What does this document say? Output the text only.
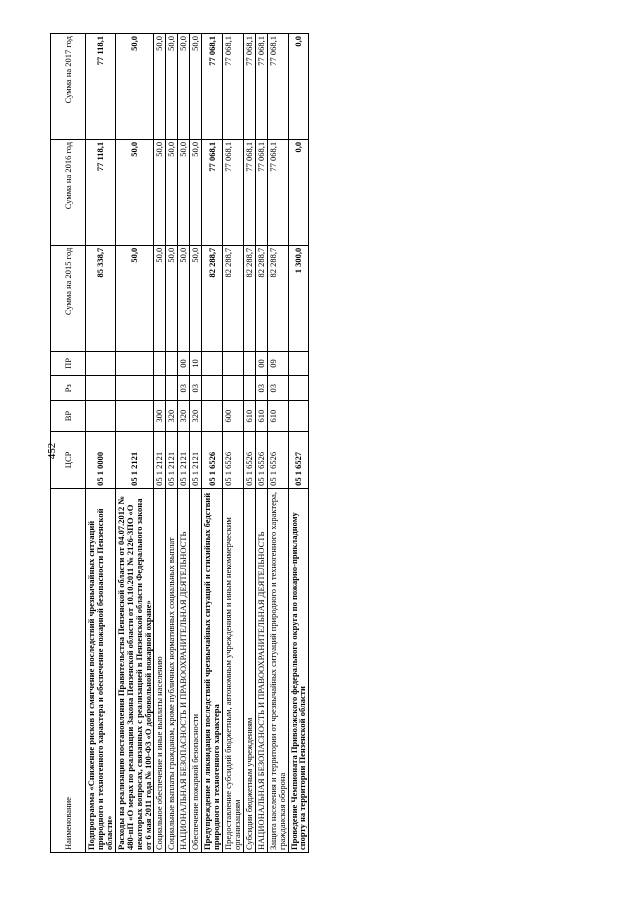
452
Наименование	ЦСР	ВР	Рз	ПР	Сумма на 2015 год	Сумма на 2016 год	Сумма на 2017 год
Подпрограмма «Снижение рисков и смягчение последствий чрезвычайных ситуаций природного и техногенного характера и обеспечение пожарной безопасности Пензенской области»	05 1 0000				85 338,7	77 118,1	77 118,1
Расходы на реализацию постановления Правительства Пензенской области от 04.07.2012 № 480-пП «О мерах по реализации Закона Пензенской области от 10.10.2011 № 2126-ЗПО «О некоторых вопросах, связанных с реализацией в Пензенской области Федерального закона от 6 мая 2011 года № 100-ФЗ «О добровольной пожарной охране»	05 1 2121				50,0	50,0	50,0
Социальное обеспечение и иные выплаты населению	05 1 2121	300			50,0	50,0	50,0
Социальные выплаты гражданам, кроме публичных нормативных социальных выплат	05 1 2121	320			50,0	50,0	50,0
НАЦИОНАЛЬНАЯ БЕЗОПАСНОСТЬ И ПРАВООХРАНИТЕЛЬНАЯ ДЕЯТЕЛЬНОСТЬ	05 1 2121	320	03	00	50,0	50,0	50,0
Обеспечение пожарной безопасности	05 1 2121	320	03	10	50,0	50,0	50,0
Предупреждение и ликвидация последствий чрезвычайных ситуаций и стихийных бедствий природного и техногенного характера	05 1 6526				82 288,7	77 068,1	77 068,1
Предоставление субсидий бюджетным, автономным учреждениям и иным некоммерческим организациям	05 1 6526	600			82 288,7	77 068,1	77 068,1
Субсидии бюджетным учреждениям	05 1 6526	610			82 288,7	77 068,1	77 068,1
НАЦИОНАЛЬНАЯ БЕЗОПАСНОСТЬ И ПРАВООХРАНИТЕЛЬНАЯ ДЕЯТЕЛЬНОСТЬ	05 1 6526	610	03	00	82 288,7	77 068,1	77 068,1
Защита населения и территории от чрезвычайных ситуаций природного и техногенного характера, гражданская оборона	05 1 6526	610	03	09	82 288,7	77 068,1	77 068,1
Проведение Чемпионата Приволжского федерального округа по пожарно-прикладному спорту на территории Пензенской области	05 1 6527				1 300,0	0,0	0,0
